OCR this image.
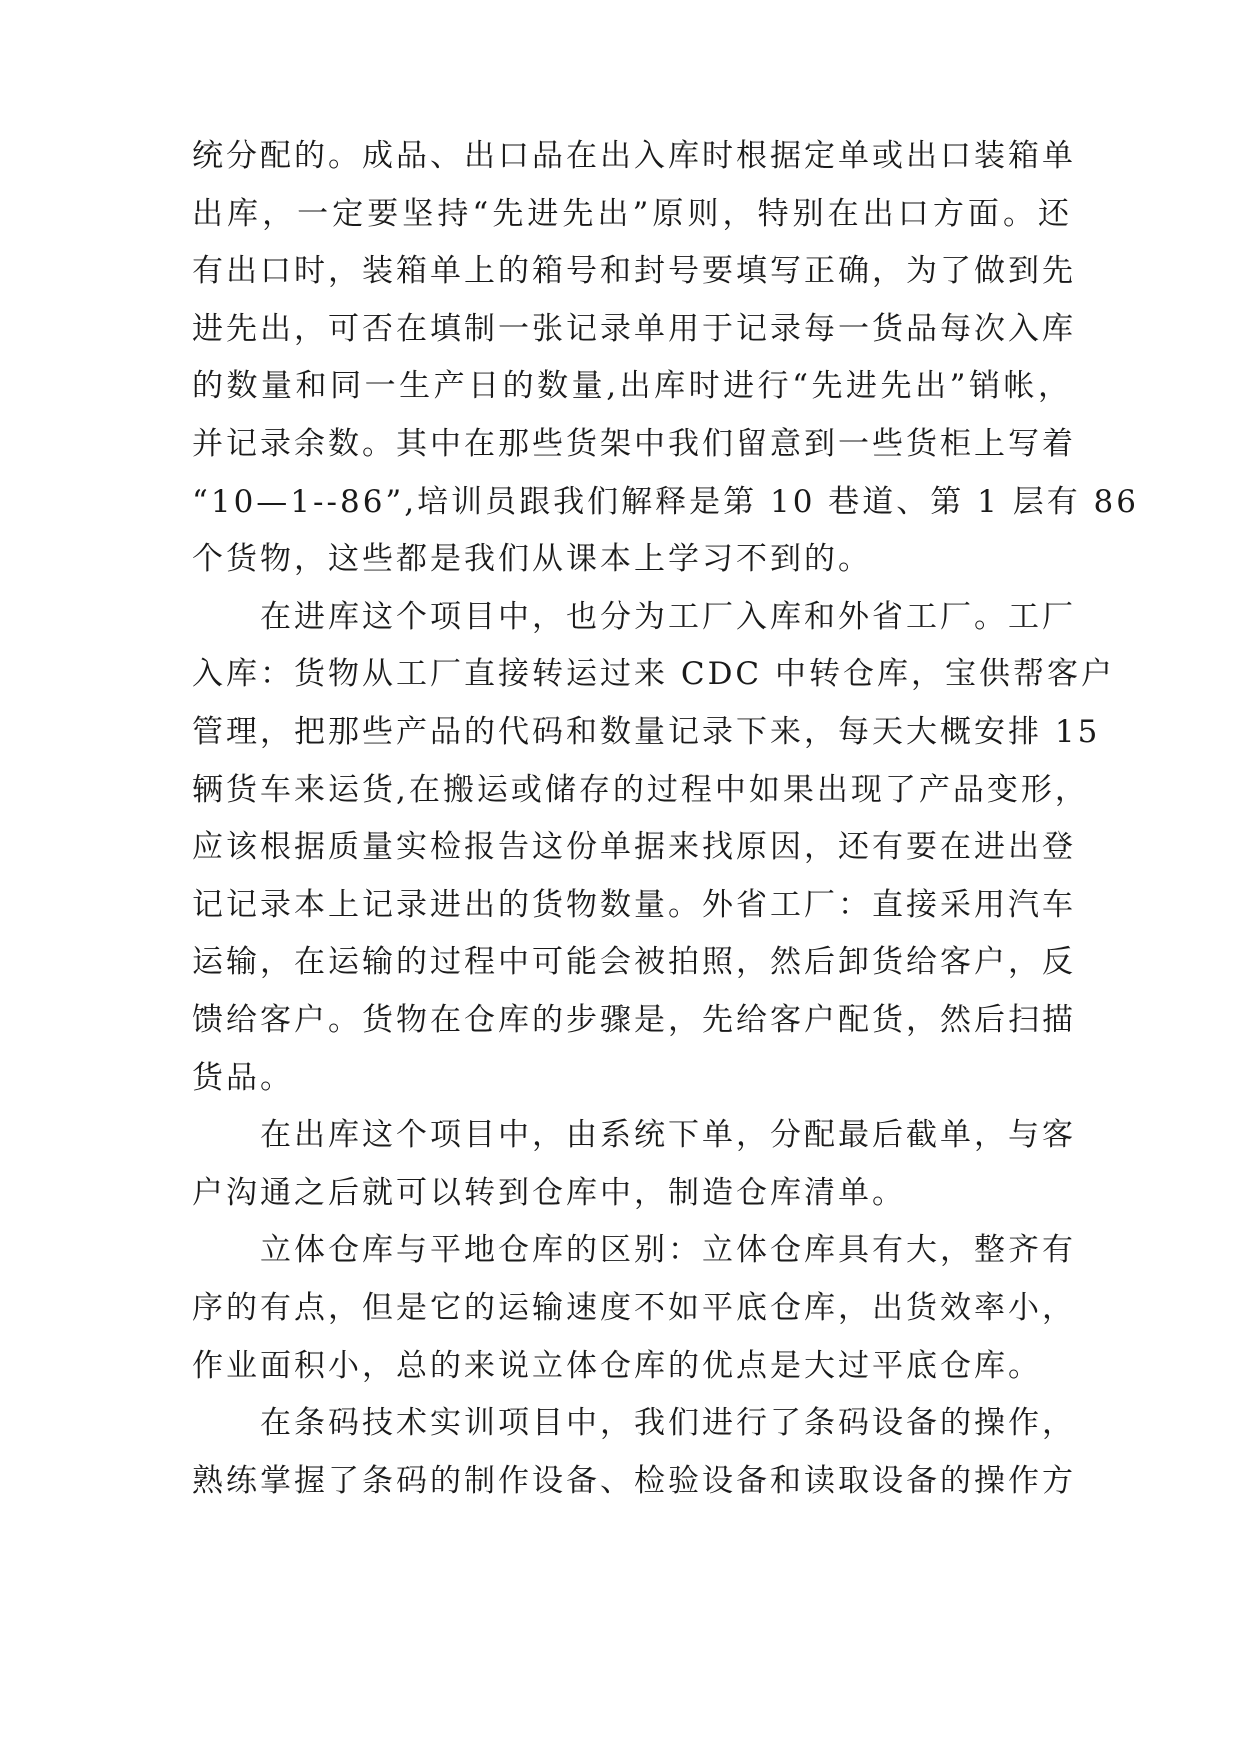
统分配的。成品、出口品在出入库时根据定单或出口装箱单
出库，一定要坚持“先进先出”原则，特别在出口方面。还
有出口时，装箱单上的箱号和封号要填写正确，为了做到先
进先出，可否在填制一张记录单用于记录每一货品每次入库
的数量和同一生产日的数量,出库时进行“先进先出”销帐，
并记录余数。其中在那些货架中我们留意到一些货柜上写着
“10—1--86”,培训员跟我们解释是第 10 巷道、第 1 层有 86
个货物，这些都是我们从课本上学习不到的。
　　在进库这个项目中，也分为工厂入库和外省工厂。工厂
入库：货物从工厂直接转运过来 CDC 中转仓库，宝供帮客户
管理，把那些产品的代码和数量记录下来，每天大概安排 15
辆货车来运货,在搬运或储存的过程中如果出现了产品变形，
应该根据质量实检报告这份单据来找原因，还有要在进出登
记记录本上记录进出的货物数量。外省工厂：直接采用汽车
运输，在运输的过程中可能会被拍照，然后卸货给客户，反
馈给客户。货物在仓库的步骤是，先给客户配货，然后扫描
货品。
　　在出库这个项目中，由系统下单，分配最后截单，与客
户沟通之后就可以转到仓库中，制造仓库清单。
　　立体仓库与平地仓库的区别：立体仓库具有大，整齐有
序的有点，但是它的运输速度不如平底仓库，出货效率小，
作业面积小，总的来说立体仓库的优点是大过平底仓库。
　　在条码技术实训项目中，我们进行了条码设备的操作，
熟练掌握了条码的制作设备、检验设备和读取设备的操作方
